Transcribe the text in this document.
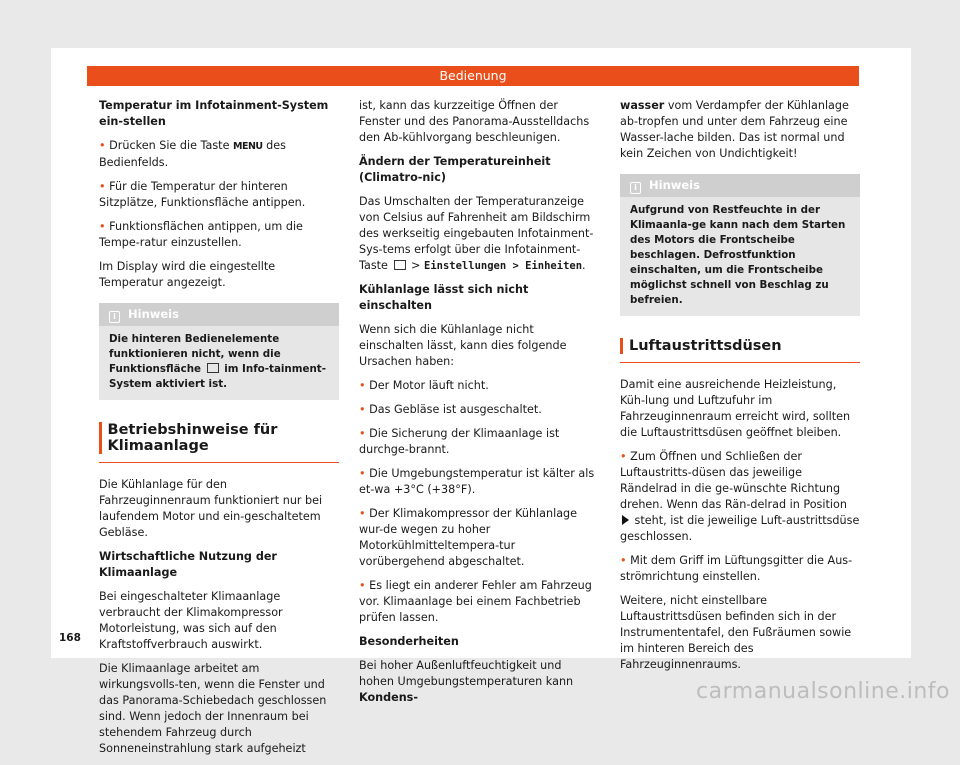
Bedienung

Temperatur im Infotainment-System ein-stellen

• Drücken Sie die Taste MENU des Bedienfelds.

• Für die Temperatur der hinteren Sitzplätze, Funktionsfläche antippen.

• Funktionsflächen antippen, um die Tempe-ratur einzustellen.

Im Display wird die eingestellte Temperatur angezeigt.

i Hinweis
Die hinteren Bedienelemente funktionieren nicht, wenn die Funktionsfläche  im Info-tainment-System aktiviert ist.
Betriebshinweise für Klimaanlage

Die Kühlanlage für den Fahrzeuginnenraum funktioniert nur bei laufendem Motor und ein-geschaltetem Gebläse.

Wirtschaftliche Nutzung der Klimaanlage

Bei eingeschalteter Klimaanlage verbraucht der Klimakompressor Motorleistung, was sich auf den Kraftstoffverbrauch auswirkt.

Die Klimaanlage arbeitet am wirkungsvolls-ten, wenn die Fenster und das Panorama-Schiebedach geschlossen sind. Wenn jedoch der Innenraum bei stehendem Fahrzeug durch Sonneneinstrahlung stark aufgeheizt

ist, kann das kurzzeitige Öffnen der Fenster und des Panorama-Ausstelldachs den Ab-kühlvorgang beschleunigen.

Ändern der Temperatureinheit (Climatro-nic)

Das Umschalten der Temperaturanzeige von Celsius auf Fahrenheit am Bildschirm des werkseitig eingebauten Infotainment-Sys-tems erfolgt über die Infotainment-Taste  > Einstellungen > Einheiten.

Kühlanlage lässt sich nicht einschalten

Wenn sich die Kühlanlage nicht einschalten lässt, kann dies folgende Ursachen haben:

• Der Motor läuft nicht.

• Das Gebläse ist ausgeschaltet.

• Die Sicherung der Klimaanlage ist durchge-brannt.

• Die Umgebungstemperatur ist kälter als et-wa +3°C (+38°F).

• Der Klimakompressor der Kühlanlage wur-de wegen zu hoher Motorkühlmitteltempera-tur vorübergehend abgeschaltet.

• Es liegt ein anderer Fehler am Fahrzeug vor. Klimaanlage bei einem Fachbetrieb prüfen lassen.

Besonderheiten

Bei hoher Außenluftfeuchtigkeit und hohen Umgebungstemperaturen kann Kondens-

wasser vom Verdampfer der Kühlanlage ab-tropfen und unter dem Fahrzeug eine Wasser-lache bilden. Das ist normal und kein Zeichen von Undichtigkeit!

i Hinweis
Aufgrund von Restfeuchte in der Klimaanla-ge kann nach dem Starten des Motors die Frontscheibe beschlagen. Defrostfunktion einschalten, um die Frontscheibe möglichst schnell von Beschlag zu befreien.
Luftaustrittsdüsen

Damit eine ausreichende Heizleistung, Küh-lung und Luftzufuhr im Fahrzeuginnenraum erreicht wird, sollten die Luftaustrittsdüsen geöffnet bleiben.

• Zum Öffnen und Schließen der Luftaustritts-düsen das jeweilige Rändelrad in die ge-wünschte Richtung drehen. Wenn das Rän-delrad in Position  steht, ist die jeweilige Luft-austrittsdüse geschlossen.

• Mit dem Griff im Lüftungsgitter die Aus-strömrichtung einstellen.

Weitere, nicht einstellbare Luftaustrittsdüsen befinden sich in der Instrumententafel, den Fußräumen sowie im hinteren Bereich des Fahrzeuginnenraums.

168
carmanualsonline.info
